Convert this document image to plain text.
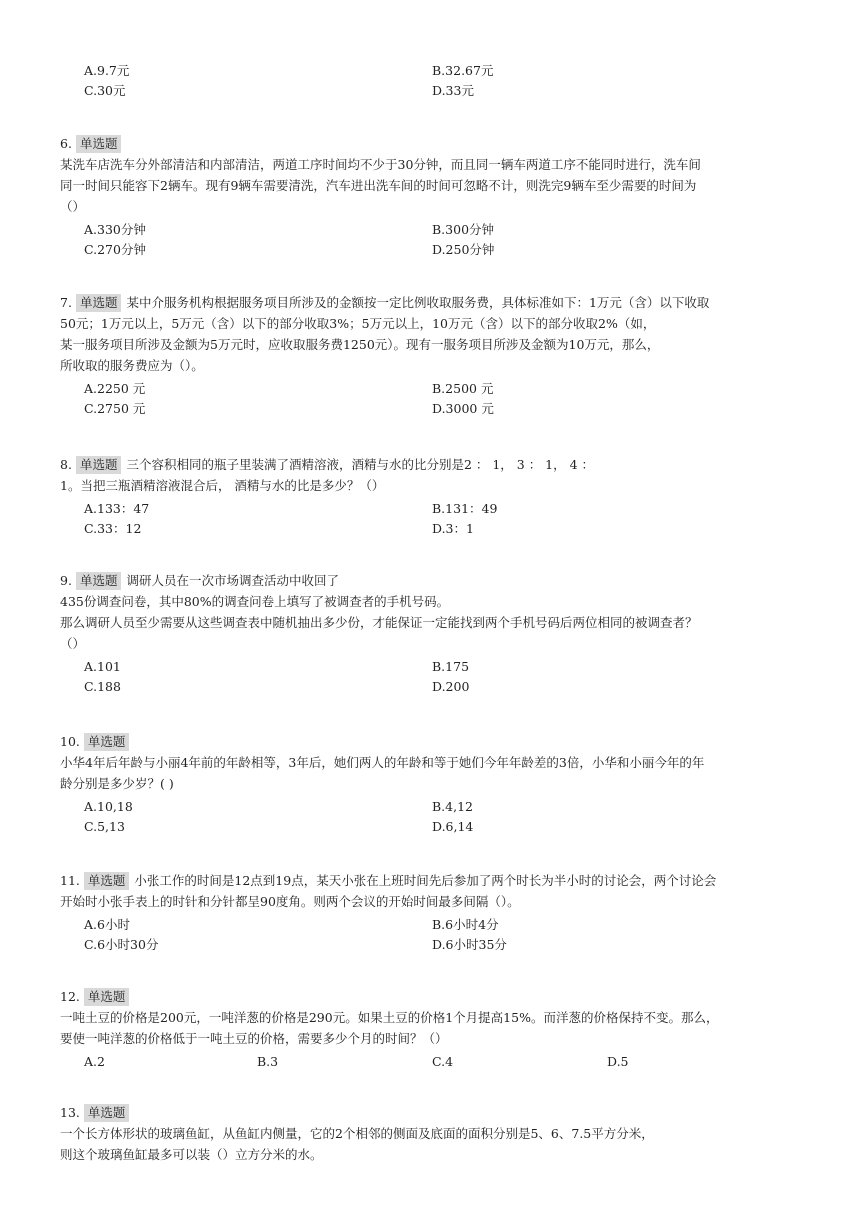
A.9.7元	B.32.67元
C.30元	D.33元
6. 单选题
某洗车店洗车分外部清洁和内部清洁，两道工序时间均不少于30分钟，而且同一辆车两道工序不能同时进行，洗车间
同一时间只能容下2辆车。现有9辆车需要清洗，汽车进出洗车间的时间可忽略不计，则洗完9辆车至少需要的时间为
（）
A.330分钟	B.300分钟
C.270分钟	D.250分钟
7. 单选题 某中介服务机构根据服务项目所涉及的金额按一定比例收取服务费，具体标准如下：1万元（含）以下收取
50元；1万元以上，5万元（含）以下的部分收取3%；5万元以上，10万元（含）以下的部分收取2%（如，
某一服务项目所涉及金额为5万元时，应收取服务费1250元）。现有一服务项目所涉及金额为10万元，那么，
所收取的服务费应为（）。
A.2250 元	B.2500 元
C.2750 元	D.3000 元
8. 单选题 三个容积相同的瓶子里装满了酒精溶液，酒精与水的比分别是2 ： 1， 3 ： 1， 4 ：
1。当把三瓶酒精溶液混合后， 酒精与水的比是多少？（）
A.133：47	B.131：49
C.33：12	D.3：1
9. 单选题 调研人员在一次市场调查活动中收回了
435份调查问卷，其中80%的调查问卷上填写了被调查者的手机号码。
那么调研人员至少需要从这些调查表中随机抽出多少份，才能保证一定能找到两个手机号码后两位相同的被调查者？
（）
A.101	B.175
C.188	D.200
10. 单选题
小华4年后年龄与小丽4年前的年龄相等，3年后，她们两人的年龄和等于她们今年年龄差的3倍，小华和小丽今年的年
龄分别是多少岁？( )
A.10,18	B.4,12
C.5,13	D.6,14
11. 单选题 小张工作的时间是12点到19点，某天小张在上班时间先后参加了两个时长为半小时的讨论会，两个讨论会
开始时小张手表上的时针和分针都呈90度角。则两个会议的开始时间最多间隔（）。
A.6小时	B.6小时4分
C.6小时30分	D.6小时35分
12. 单选题
一吨土豆的价格是200元，一吨洋葱的价格是290元。如果土豆的价格1个月提高15%。而洋葱的价格保持不变。那么，
要使一吨洋葱的价格低于一吨土豆的价格，需要多少个月的时间？（）
A.2	B.3	C.4	D.5
13. 单选题
一个长方体形状的玻璃鱼缸，从鱼缸内侧量，它的2个相邻的侧面及底面的面积分别是5、6、7.5平方分米，
则这个玻璃鱼缸最多可以装（）立方分米的水。
